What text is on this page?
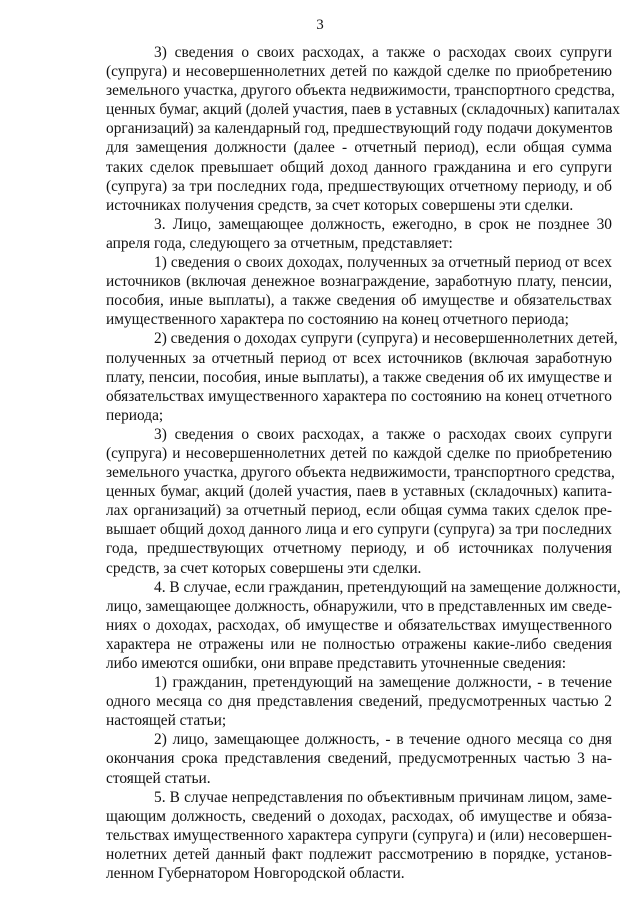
3

3) сведения о своих расходах, а также о расходах своих супруги
(супруга) и несовершеннолетних детей по каждой сделке по приобретению
земельного участка, другого объекта недвижимости, транспортного средства,
ценных бумаг, акций (долей участия, паев в уставных (складочных) капиталах
организаций) за календарный год, предшествующий году подачи документов
для замещения должности (далее - отчетный период), если общая сумма
таких сделок превышает общий доход данного гражданина и его супруги
(супруга) за три последних года, предшествующих отчетному периоду, и об
источниках получения средств, за счет которых совершены эти сделки.

3. Лицо, замещающее должность, ежегодно, в срок не позднее 30
апреля года, следующего за отчетным, представляет:

1) сведения о своих доходах, полученных за отчетный период от всех
источников (включая денежное вознаграждение, заработную плату, пенсии,
пособия, иные выплаты), а также сведения об имуществе и обязательствах
имущественного характера по состоянию на конец отчетного периода;

2) сведения о доходах супруги (супруга) и несовершеннолетних детей,
полученных за отчетный период от всех источников (включая заработную
плату, пенсии, пособия, иные выплаты), а также сведения об их имуществе и
обязательствах имущественного характера по состоянию на конец отчетного
периода;

3) сведения о своих расходах, а также о расходах своих супруги
(супруга) и несовершеннолетних детей по каждой сделке по приобретению
земельного участка, другого объекта недвижимости, транспортного средства,
ценных бумаг, акций (долей участия, паев в уставных (складочных) капита-
лах организаций) за отчетный период, если общая сумма таких сделок пре-
вышает общий доход данного лица и его супруги (супруга) за три последних
года, предшествующих отчетному периоду, и об источниках получения
средств, за счет которых совершены эти сделки.

4. В случае, если гражданин, претендующий на замещение должности,
лицо, замещающее должность, обнаружили, что в представленных им сведе-
ниях о доходах, расходах, об имуществе и обязательствах имущественного
характера не отражены или не полностью отражены какие-либо сведения
либо имеются ошибки, они вправе представить уточненные сведения:

1) гражданин, претендующий на замещение должности, - в течение
одного месяца со дня представления сведений, предусмотренных частью 2
настоящей статьи;

2) лицо, замещающее должность, - в течение одного месяца со дня
окончания срока представления сведений, предусмотренных частью 3 на-
стоящей статьи.

5. В случае непредставления по объективным причинам лицом, заме-
щающим должность, сведений о доходах, расходах, об имуществе и обяза-
тельствах имущественного характера супруги (супруга) и (или) несовершен-
нолетних детей данный факт подлежит рассмотрению в порядке, установ-
ленном Губернатором Новгородской области.
